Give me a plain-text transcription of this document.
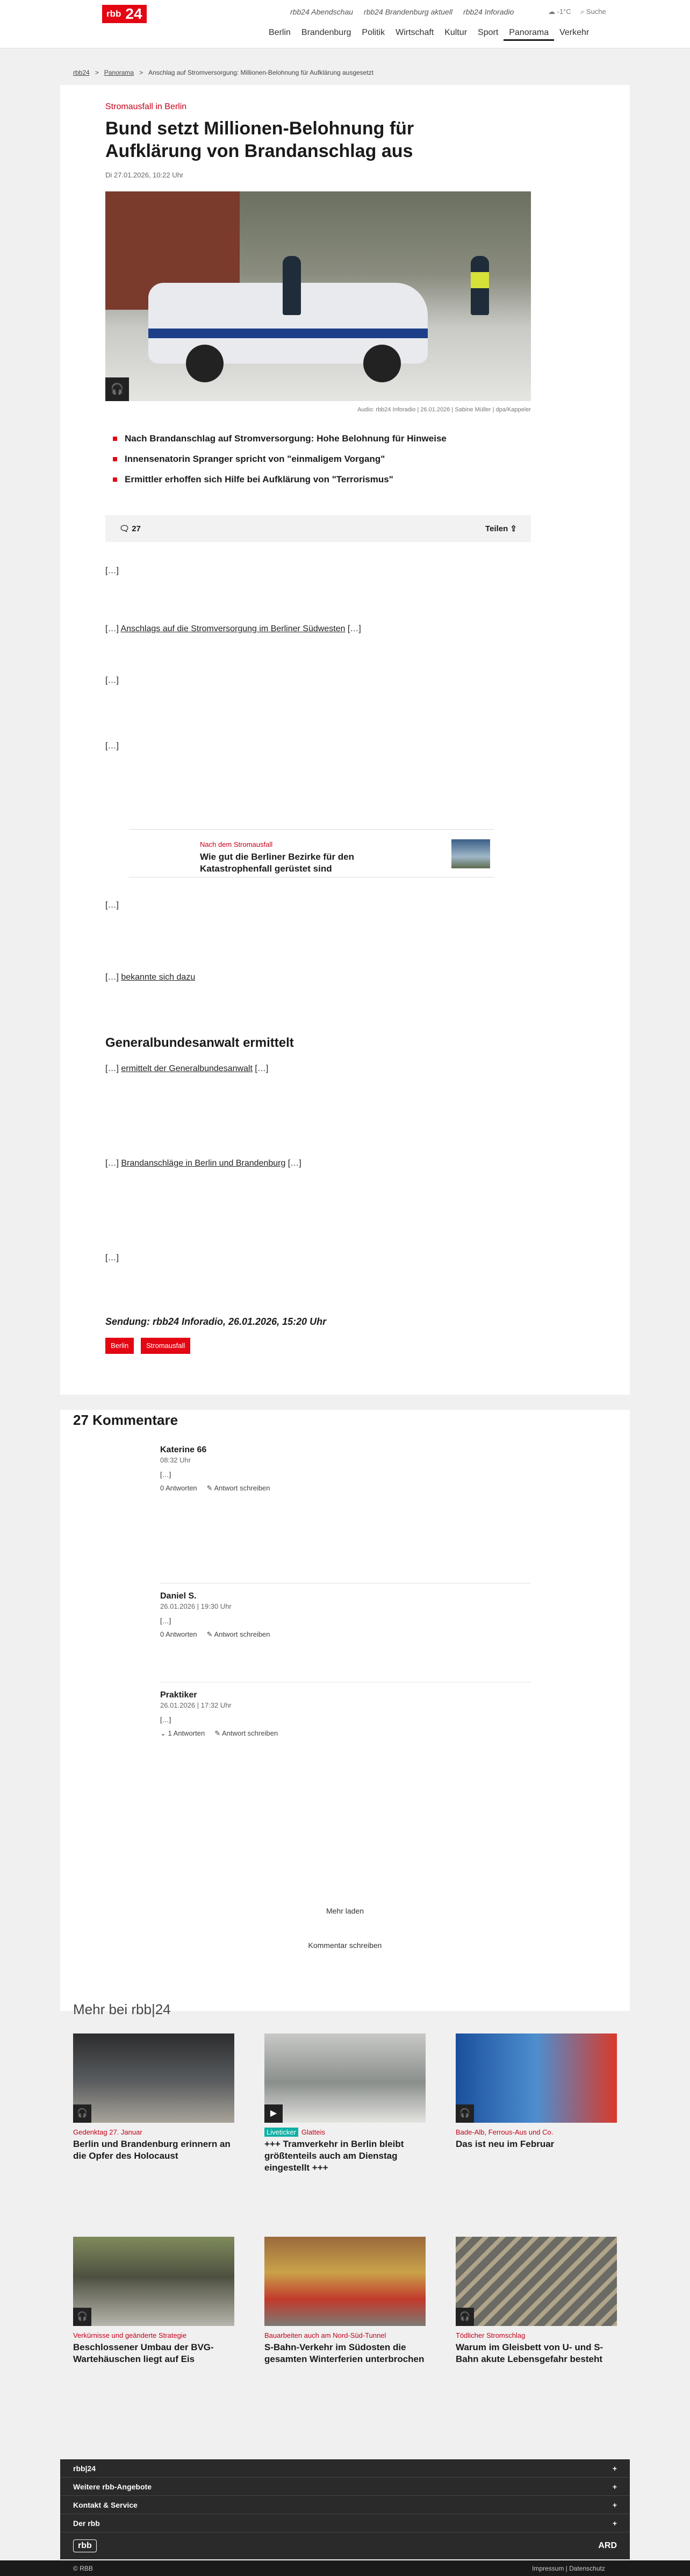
rbb 24	rbb24 Abendschau rbb24 Brandenburg aktuell rbb24 Inforadio	☁ -1°C ⌕ Suche
Berlin	Brandenburg	Politik	Wirtschaft	Kultur	Sport	Panorama	Verkehr
rbb24 > Panorama > Anschlag auf Stromversorgung: Millionen-Belohnung für Aufklärung ausgesetzt
Stromausfall in Berlin
Bund setzt Millionen-Belohnung für Aufklärung von Brandanschlag aus
Di 27.01.2026, 10:22 Uhr
🎧
Audio: rbb24 Inforadio | 26.01.2026 | Sabine Müller | dpa/Kappeler
Nach Brandanschlag auf Stromversorgung: Hohe Belohnung für Hinweise
Innensenatorin Spranger spricht von "einmaligem Vorgang"
Ermittler erhoffen sich Hilfe bei Aufklärung von "Terrorismus"
🗨 27	Teilen ⇪

[…]

[…] Anschlags auf die Stromversorgung im Berliner Südwesten […]

[…]

[…]

Nach dem Stromausfall
Wie gut die Berliner Bezirke für den Katastrophenfall gerüstet sind

[…]

[…] bekannte sich dazu

Generalbundesanwalt ermittelt

[…] ermittelt der Generalbundesanwalt […]

[…] Brandanschläge in Berlin und Brandenburg […]

[…]

Sendung: rbb24 Inforadio, 26.01.2026, 15:20 Uhr
Berlin	Stromausfall
27 Kommentare
Katerine 66
08:32 Uhr
[…]
0 Antworten ✎ Antwort schreiben
Daniel S.
26.01.2026 | 19:30 Uhr
[…]
0 Antworten ✎ Antwort schreiben
Praktiker
26.01.2026 | 17:32 Uhr
[…]
⌄ 1 Antworten ✎ Antwort schreiben
Mehr laden
Kommentar schreiben
Mehr bei rbb|24
🎧
Gedenktag 27. Januar
Berlin und Brandenburg erinnern an die Opfer des Holocaust
▶
Liveticker Glatteis
+++ Tramverkehr in Berlin bleibt größtenteils auch am Dienstag eingestellt +++
🎧
Bade-Alb, Ferrous-Aus und Co.
Das ist neu im Februar
🎧
Verkürnisse und geänderte Strategie
Beschlossener Umbau der BVG-Wartehäuschen liegt auf Eis
Bauarbeiten auch am Nord-Süd-Tunnel
S-Bahn-Verkehr im Südosten die gesamten Winterferien unterbrochen
🎧
Tödlicher Stromschlag
Warum im Gleisbett von U- und S-Bahn akute Lebensgefahr besteht
rbb|24	+
Weitere rbb-Angebote	+
Kontakt & Service	+
Der rbb	+
rbb	ARD
© RBB	Impressum | Datenschutz
